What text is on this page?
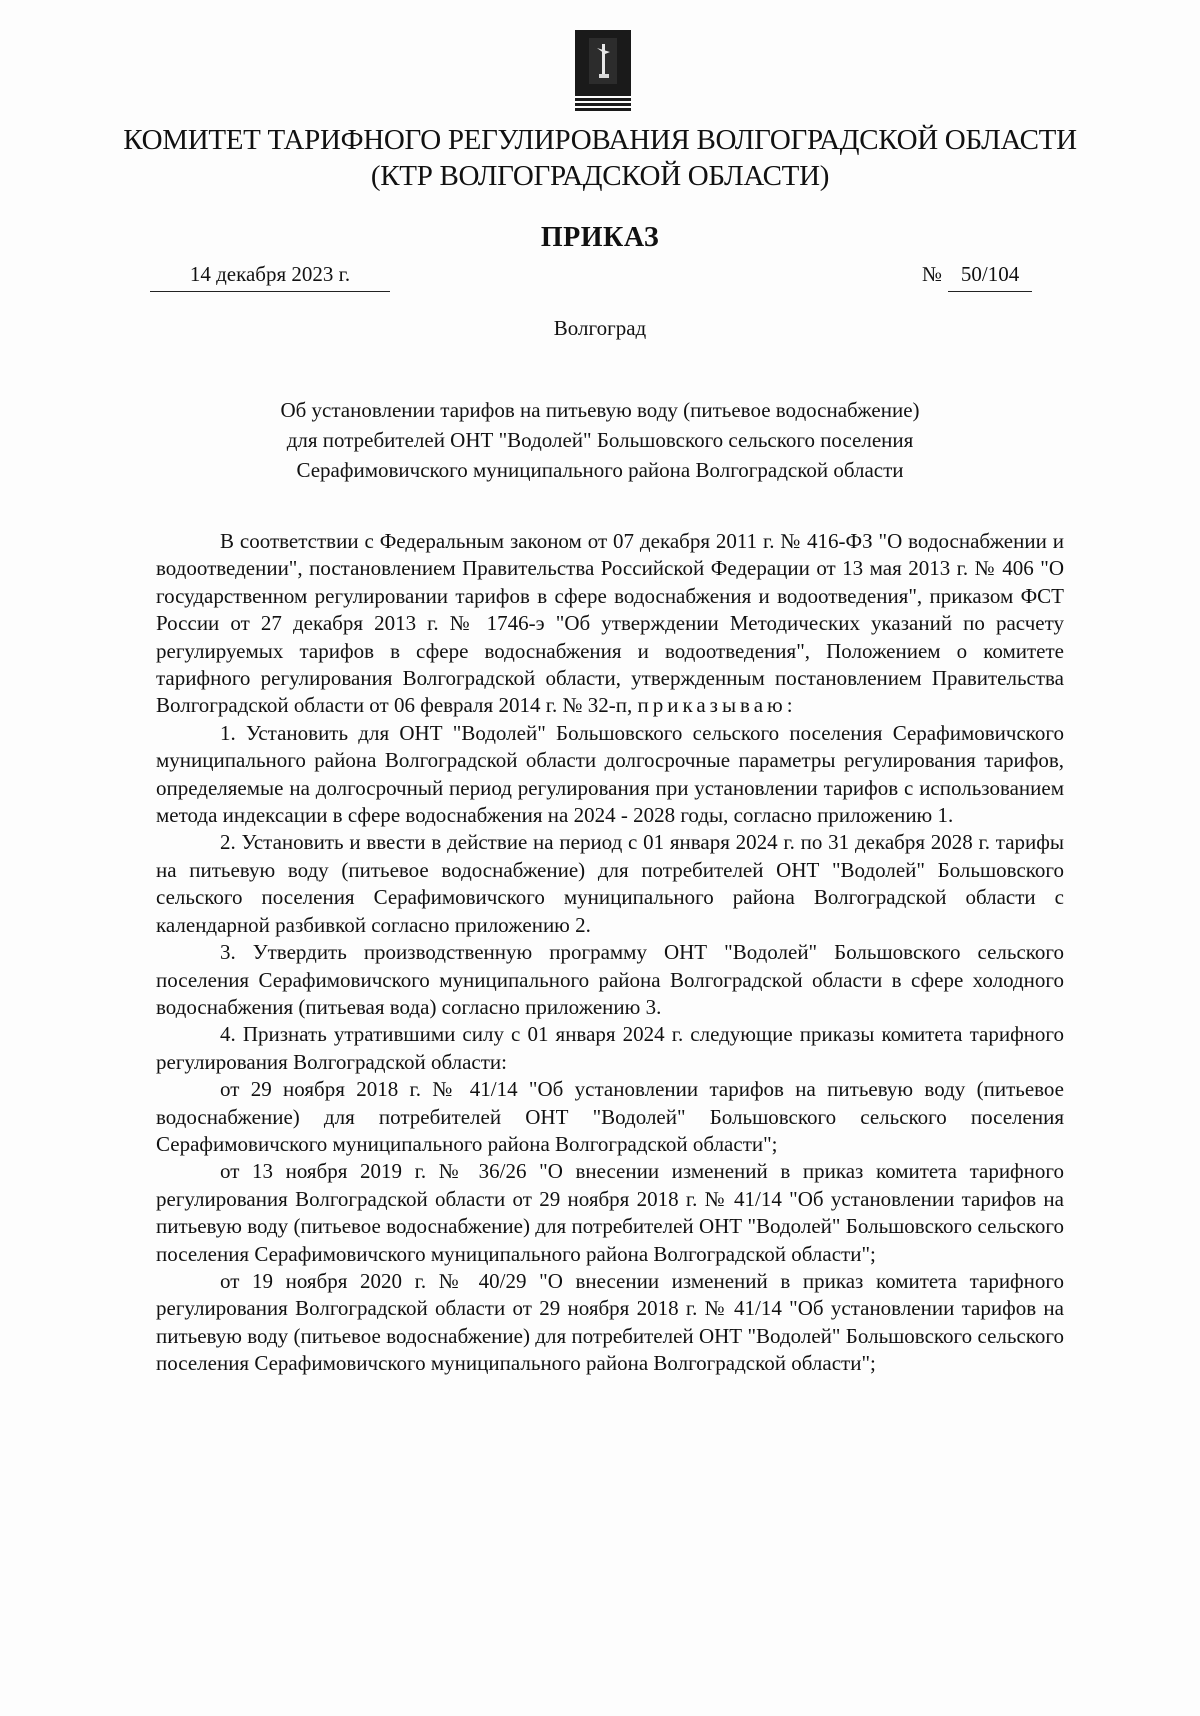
КОМИТЕТ ТАРИФНОГО РЕГУЛИРОВАНИЯ ВОЛГОГРАДСКОЙ ОБЛАСТИ
(КТР ВОЛГОГРАДСКОЙ ОБЛАСТИ)
ПРИКАЗ
14 декабря 2023 г.	№ 50/104
Волгоград
Об установлении тарифов на питьевую воду (питьевое водоснабжение)
для потребителей ОНТ "Водолей" Большовского сельского поселения
Серафимовичского муниципального района Волгоградской области

В соответствии с Федеральным законом от 07 декабря 2011 г. № 416-ФЗ "О водоснабжении и водоотведении", постановлением Правительства Российской Федерации от 13 мая 2013 г. № 406 "О государственном регулировании тарифов в сфере водоснабжения и водоотведения", приказом ФСТ России от 27 декабря 2013 г. № 1746-э "Об утверждении Методических указаний по расчету регулируемых тарифов в сфере водоснабжения и водоотведения", Положением о комитете тарифного регулирования Волгоградской области, утвержденным постановлением Правительства Волгоградской области от 06 февраля 2014 г. № 32-п, приказываю:

1. Установить для ОНТ "Водолей" Большовского сельского поселения Серафимовичского муниципального района Волгоградской области долгосрочные параметры регулирования тарифов, определяемые на долгосрочный период регулирования при установлении тарифов с использованием метода индексации в сфере водоснабжения на 2024 - 2028 годы, согласно приложению 1.

2. Установить и ввести в действие на период с 01 января 2024 г. по 31 декабря 2028 г. тарифы на питьевую воду (питьевое водоснабжение) для потребителей ОНТ "Водолей" Большовского сельского поселения Серафимовичского муниципального района Волгоградской области с календарной разбивкой согласно приложению 2.

3. Утвердить производственную программу ОНТ "Водолей" Большовского сельского поселения Серафимовичского муниципального района Волгоградской области в сфере холодного водоснабжения (питьевая вода) согласно приложению 3.

4. Признать утратившими силу с 01 января 2024 г. следующие приказы комитета тарифного регулирования Волгоградской области:

от 29 ноября 2018 г. № 41/14 "Об установлении тарифов на питьевую воду (питьевое водоснабжение) для потребителей ОНТ "Водолей" Большовского сельского поселения Серафимовичского муниципального района Волгоградской области";

от 13 ноября 2019 г. № 36/26 "О внесении изменений в приказ комитета тарифного регулирования Волгоградской области от 29 ноября 2018 г. № 41/14 "Об установлении тарифов на питьевую воду (питьевое водоснабжение) для потребителей ОНТ "Водолей" Большовского сельского поселения Серафимовичского муниципального района Волгоградской области";

от 19 ноября 2020 г. № 40/29 "О внесении изменений в приказ комитета тарифного регулирования Волгоградской области от 29 ноября 2018 г. № 41/14 "Об установлении тарифов на питьевую воду (питьевое водоснабжение) для потребителей ОНТ "Водолей" Большовского сельского поселения Серафимовичского муниципального района Волгоградской области";
